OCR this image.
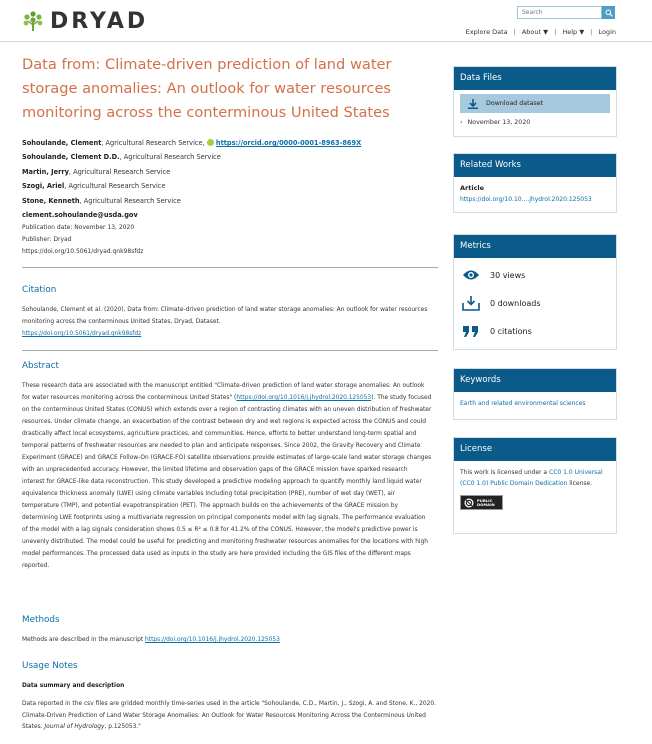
DRYAD
Search	Explore Data | About ▼ | Help ▼ | Login
Data from: Climate-driven prediction of land water storage anomalies: An outlook for water resources monitoring across the conterminous United States
Sohoulande, Clement, Agricultural Research Service,  https://orcid.org/0000-0001-8963-869X
Sohoulande, Clement D.D., Agricultural Research Service
Martin, Jerry, Agricultural Research Service
Szogi, Ariel, Agricultural Research Service
Stone, Kenneth, Agricultural Research Service
clement.sohoulande@usda.gov
Publication date: November 13, 2020
Publisher: Dryad
https://doi.org/10.5061/dryad.qnk98sfdz
Citation
Sohoulande, Clement et al. (2020), Data from: Climate-driven prediction of land water storage anomalies: An outlook for water resources monitoring across the conterminous United States, Dryad, Dataset.
https://doi.org/10.5061/dryad.qnk98sfdz
Abstract
These research data are associated with the manuscript entitled "Climate-driven prediction of land water storage anomalies: An outlook for water resources monitoring across the conterminous United States" (https://doi.org/10.1016/j.jhydrol.2020.125053). The study focused on the conterminous United States (CONUS) which extends over a region of contrasting climates with an uneven distribution of freshwater resources. Under climate change, an exacerbation of the contrast between dry and wet regions is expected across the CONUS and could drastically affect local ecosystems, agriculture practices, and communities. Hence, efforts to better understand long-term spatial and temporal patterns of freshwater resources are needed to plan and anticipate responses. Since 2002, the Gravity Recovery and Climate Experiment (GRACE) and GRACE Follow-On (GRACE-FO) satellite observations provide estimates of large-scale land water storage changes with an unprecedented accuracy. However, the limited lifetime and observation gaps of the GRACE mission have sparked research interest for GRACE-like data reconstruction. This study developed a predictive modeling approach to quantify monthly land liquid water equivalence thickness anomaly (LWE) using climate variables including total precipitation (PRE), number of wet day (WET), air temperature (TMP), and potential evapotranspiration (PET). The approach builds on the achievements of the GRACE mission by determining LWE footprints using a multivariate regression on principal components model with lag signals. The performance evaluation of the model with a lag signals consideration shows 0.5 ≤ R² ≤ 0.8 for 41.2% of the CONUS. However, the model's predictive power is unevenly distributed. The model could be useful for predicting and monitoring freshwater resources anomalies for the locations with high model performances. The processed data used as inputs in the study are here provided including the GIS files of the different maps reported.
Methods
Methods are described in the manuscript https://doi.org/10.1016/j.jhydrol.2020.125053
Usage Notes
Data summary and description
Data reported in the csv files are gridded monthly time-series used in the article "Sohoulande, C.D., Martin, J., Szogi, A. and Stone, K., 2020. Climate-Driven Prediction of Land Water Storage Anomalies: An Outlook for Water Resources Monitoring Across the Conterminous United States. Journal of Hydrology, p.125053."
Data Files
Download dataset
› November 13, 2020
Related Works
Article
https://doi.org/10.10....jhydrol.2020.125053
Metrics
30 views
0 downloads
0 citations
Keywords
Earth and related environmental sciences
License
This work is licensed under a CC0 1.0 Universal (CC0 1.0) Public Domain Dedication license.
PUBLIC DOMAIN
